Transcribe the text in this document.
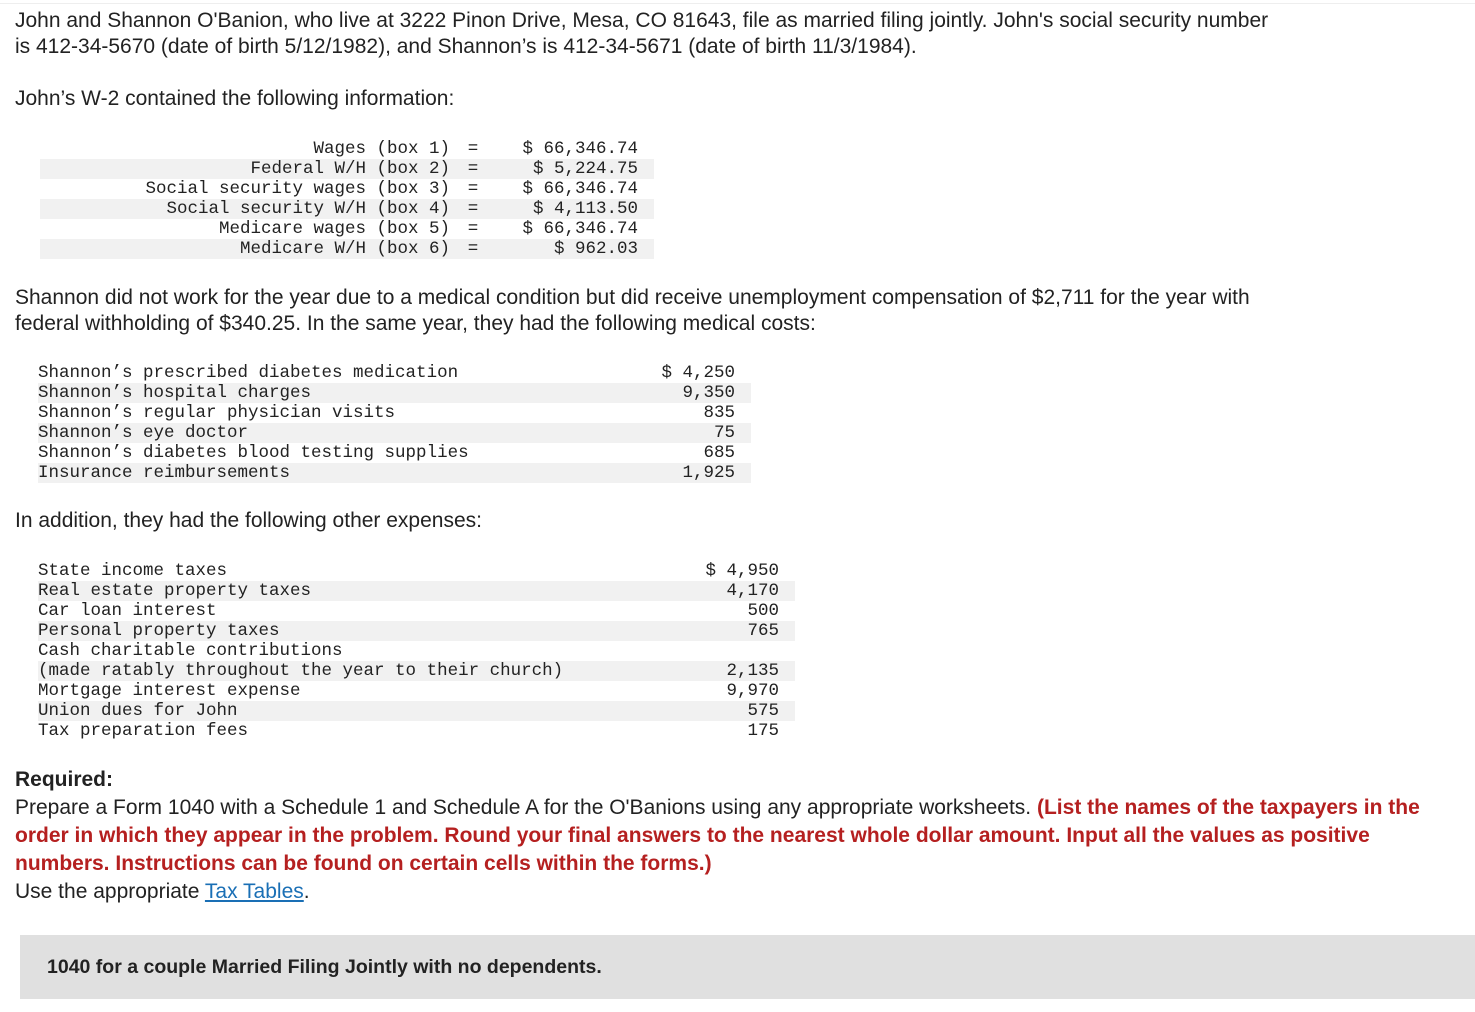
John and Shannon O'Banion, who live at 3222 Pinon Drive, Mesa, CO 81643, file as married filing jointly. John's social security number
is 412-34-5670 (date of birth 5/12/1982), and Shannon’s is 412-34-5671 (date of birth 11/3/1984).

John’s W-2 contained the following information:

Wages (box 1)	=	$ 66,346.74
Federal W/H (box 2)	=	$ 5,224.75
Social security wages (box 3)	=	$ 66,346.74
Social security W/H (box 4)	=	$ 4,113.50
Medicare wages (box 5)	=	$ 66,346.74
Medicare W/H (box 6)	=	$ 962.03

Shannon did not work for the year due to a medical condition but did receive unemployment compensation of $2,711 for the year with
federal withholding of $340.25. In the same year, they had the following medical costs:

Shannon’s prescribed diabetes medication	$ 4,250
Shannon’s hospital charges	9,350
Shannon’s regular physician visits	835
Shannon’s eye doctor	75
Shannon’s diabetes blood testing supplies	685
Insurance reimbursements	1,925

In addition, they had the following other expenses:

State income taxes	$ 4,950
Real estate property taxes	4,170
Car loan interest	500
Personal property taxes	765
Cash charitable contributions	
(made ratably throughout the year to their church)	2,135
Mortgage interest expense	9,970
Union dues for John	575
Tax preparation fees	175
Required:
Prepare a Form 1040 with a Schedule 1 and Schedule A for the O'Banions using any appropriate worksheets. (List the names of the taxpayers in the order in which they appear in the problem. Round your final answers to the nearest whole dollar amount. Input all the values as positive numbers. Instructions can be found on certain cells within the forms.)
Use the appropriate Tax Tables.
1040 for a couple Married Filing Jointly with no dependents.
